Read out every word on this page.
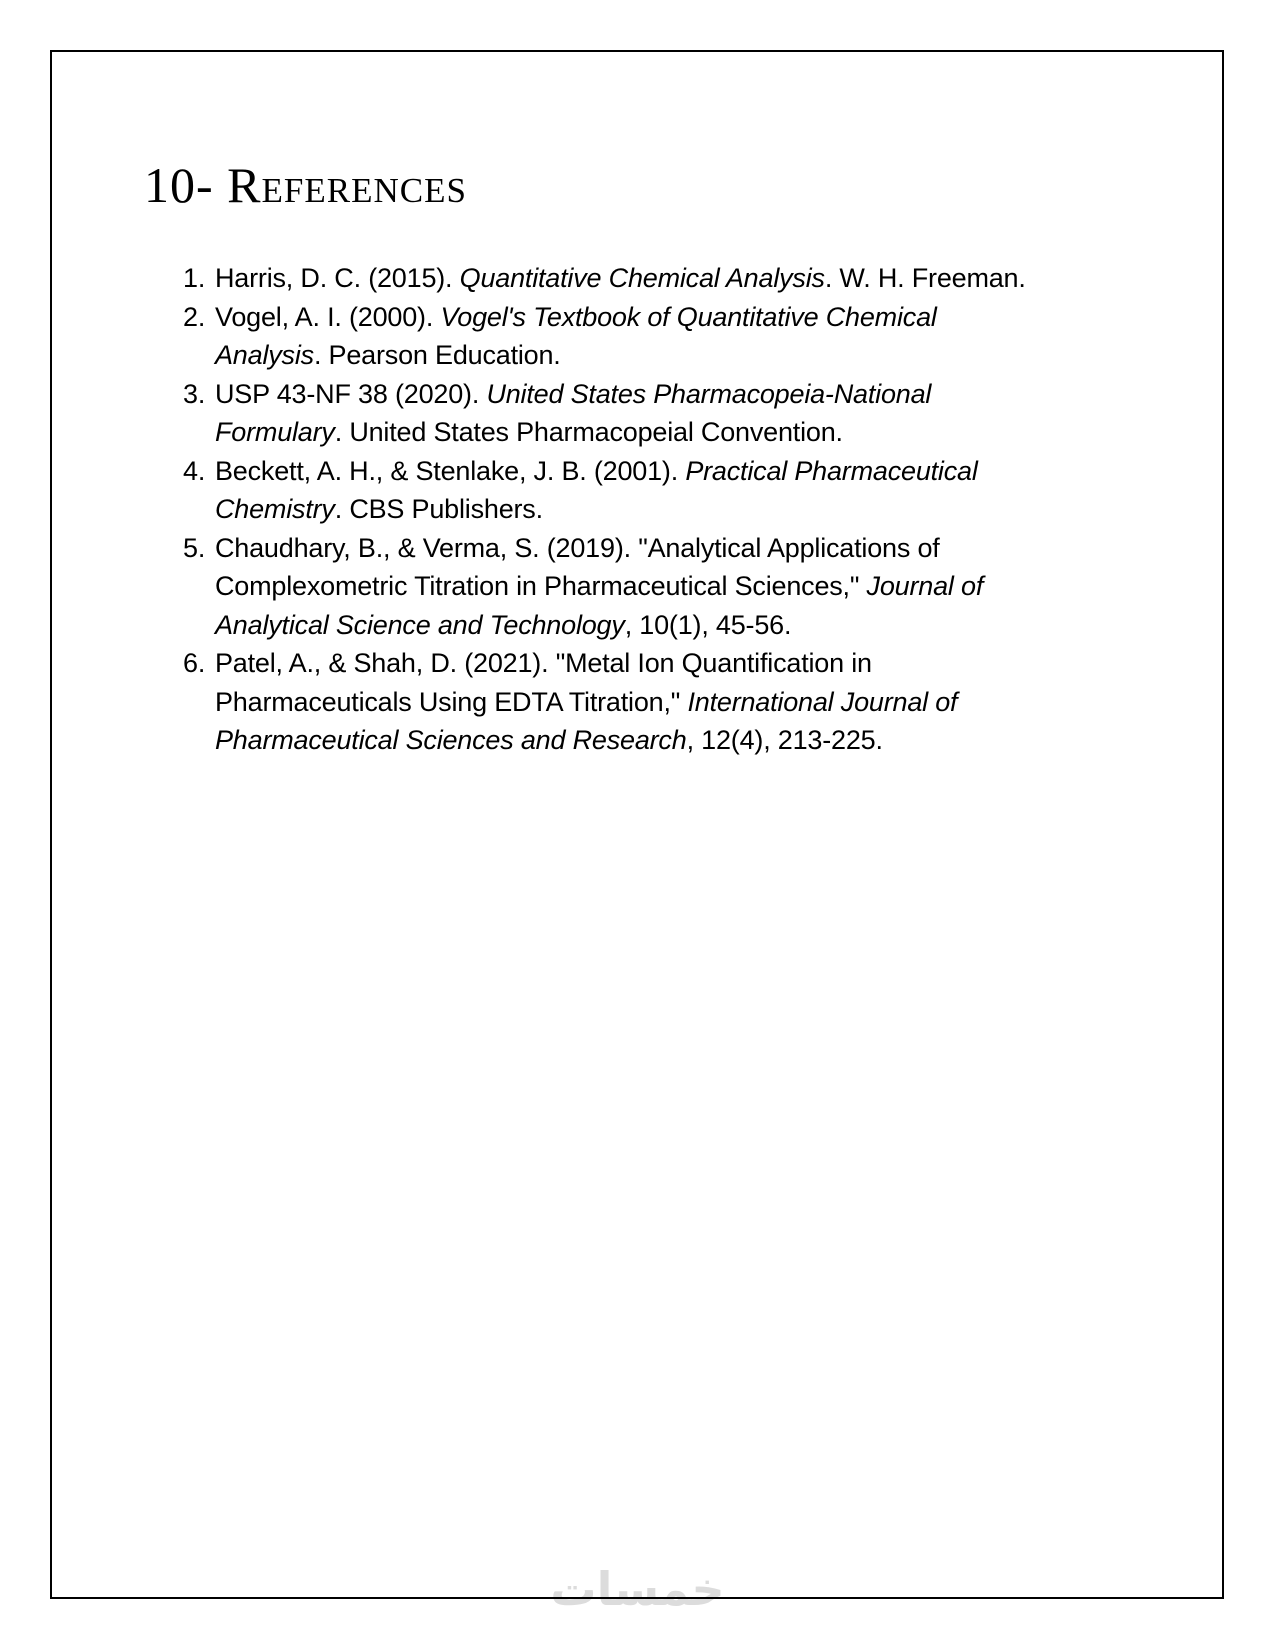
خمسات
10- References
1. Harris, D. C. (2015). Quantitative Chemical Analysis. W. H. Freeman.
2. Vogel, A. I. (2000). Vogel's Textbook of Quantitative Chemical
Analysis. Pearson Education.
3. USP 43-NF 38 (2020). United States Pharmacopeia-National
Formulary. United States Pharmacopeial Convention.
4. Beckett, A. H., & Stenlake, J. B. (2001). Practical Pharmaceutical
Chemistry. CBS Publishers.
5. Chaudhary, B., & Verma, S. (2019). "Analytical Applications of
Complexometric Titration in Pharmaceutical Sciences," Journal of
Analytical Science and Technology, 10(1), 45-56.
6. Patel, A., & Shah, D. (2021). "Metal Ion Quantification in
Pharmaceuticals Using EDTA Titration," International Journal of
Pharmaceutical Sciences and Research, 12(4), 213-225.
